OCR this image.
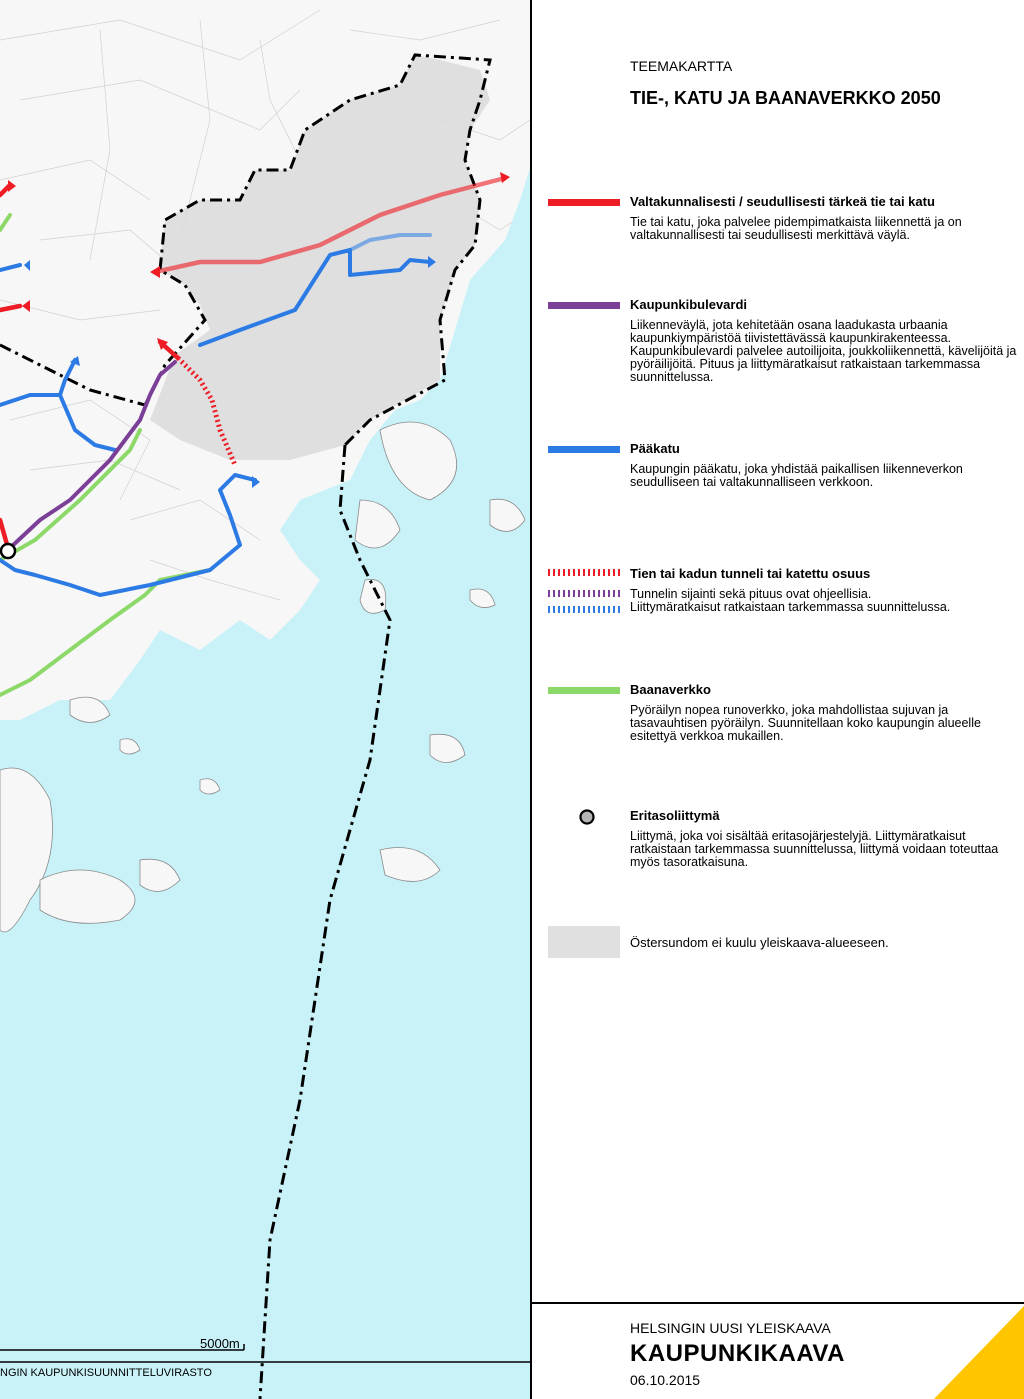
5000m
NGIN KAUPUNKISUUNNITTELUVIRASTO
TEEMAKARTTA
TIE-, KATU JA BAANAVERKKO 2050
Valtakunnalisesti / seudullisesti tärkeä tie tai katu
Tie tai katu, joka palvelee pidempimatkaista liikennettä ja on valtakunnallisesti tai seudullisesti merkittävä väylä.
Kaupunkibulevardi
Liikenneväylä, jota kehitetään osana laadukasta urbaania kaupunkiympäristöä tiivistettävässä kaupunkirakenteessa. Kaupunkibulevardi palvelee autoilijoita, joukkoliikennettä, kävelijöitä ja pyöräilijöitä. Pituus ja liittymäratkaisut ratkaistaan tarkemmassa suunnittelussa.
Pääkatu
Kaupungin pääkatu, joka yhdistää paikallisen liikenneverkon seudulliseen tai valtakunnalliseen verkkoon.
Tien tai kadun tunneli tai katettu osuus
Tunnelin sijainti sekä pituus ovat ohjeellisia.
Liittymäratkaisut ratkaistaan tarkemmassa suunnittelussa.
Baanaverkko
Pyöräilyn nopea runoverkko, joka mahdollistaa sujuvan ja tasavauhtisen pyöräilyn. Suunnitellaan koko kaupungin alueelle esitettyä verkkoa mukaillen.
Eritasoliittymä
Liittymä, joka voi sisältää eritasojärjestelyjä. Liittymäratkaisut ratkaistaan tarkemmassa suunnittelussa, liittymä voidaan toteuttaa myös tasoratkaisuna.
Östersundom ei kuulu yleiskaava-alueeseen.
HELSINGIN UUSI YLEISKAAVA
KAUPUNKIKAAVA
06.10.2015
